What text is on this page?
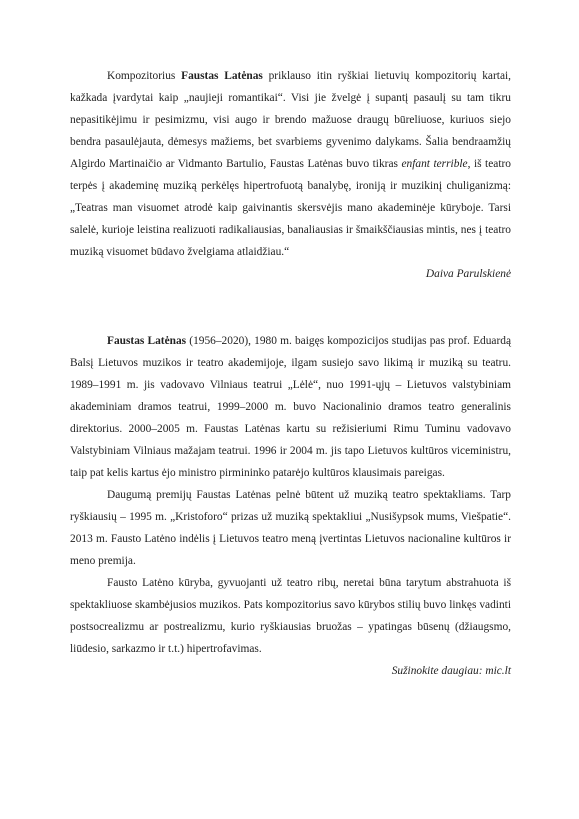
Kompozitorius Faustas Latėnas priklauso itin ryškiai lietuvių kompozitorių kartai, kažkada įvardytai kaip „naujieji romantikai“. Visi jie žvelgė į supantį pasaulį su tam tikru nepasitikėjimu ir pesimizmu, visi augo ir brendo mažuose draugų būreliuose, kuriuos siejo bendra pasaulėjauta, dėmesys mažiems, bet svarbiems gyvenimo dalykams. Šalia bendraamžių Algirdo Martinaičio ar Vidmanto Bartulio, Faustas Latėnas buvo tikras enfant terrible, iš teatro terpės į akademinę muziką perkėlęs hipertrofuotą banalybę, ironiją ir muzikinį chuliganizmą: „Teatras man visuomet atrodė kaip gaivinantis skersvėjis mano akademinėje kūryboje. Tarsi salelė, kurioje leistina realizuoti radikaliausias, banaliausias ir šmaikščiausias mintis, nes į teatro muziką visuomet būdavo žvelgiama atlaidžiau.“

Daiva Parulskienė

Faustas Latėnas (1956–2020), 1980 m. baigęs kompozicijos studijas pas prof. Eduardą Balsį Lietuvos muzikos ir teatro akademijoje, ilgam susiejo savo likimą ir muziką su teatru. 1989–1991 m. jis vadovavo Vilniaus teatrui „Lėlė“, nuo 1991-ųjų – Lietuvos valstybiniam akademiniam dramos teatrui, 1999–2000 m. buvo Nacionalinio dramos teatro generalinis direktorius. 2000–2005 m. Faustas Latėnas kartu su režisieriumi Rimu Tuminu vadovavo Valstybiniam Vilniaus mažajam teatrui. 1996 ir 2004 m. jis tapo Lietuvos kultūros viceministru, taip pat kelis kartus ėjo ministro pirmininko patarėjo kultūros klausimais pareigas.

Daugumą premijų Faustas Latėnas pelnė būtent už muziką teatro spektakliams. Tarp ryškiausių – 1995 m. „Kristoforo“ prizas už muziką spektakliui „Nusišypsok mums, Viešpatie“. 2013 m. Fausto Latėno indėlis į Lietuvos teatro meną įvertintas Lietuvos nacionaline kultūros ir meno premija.

Fausto Latėno kūryba, gyvuojanti už teatro ribų, neretai būna tarytum abstrahuota iš spektakliuose skambėjusios muzikos. Pats kompozitorius savo kūrybos stilių buvo linkęs vadinti postsocrealizmu ar postrealizmu, kurio ryškiausias bruožas – ypatingas būsenų (džiaugsmo, liūdesio, sarkazmo ir t.t.) hipertrofavimas.

Sužinokite daugiau: mic.lt
